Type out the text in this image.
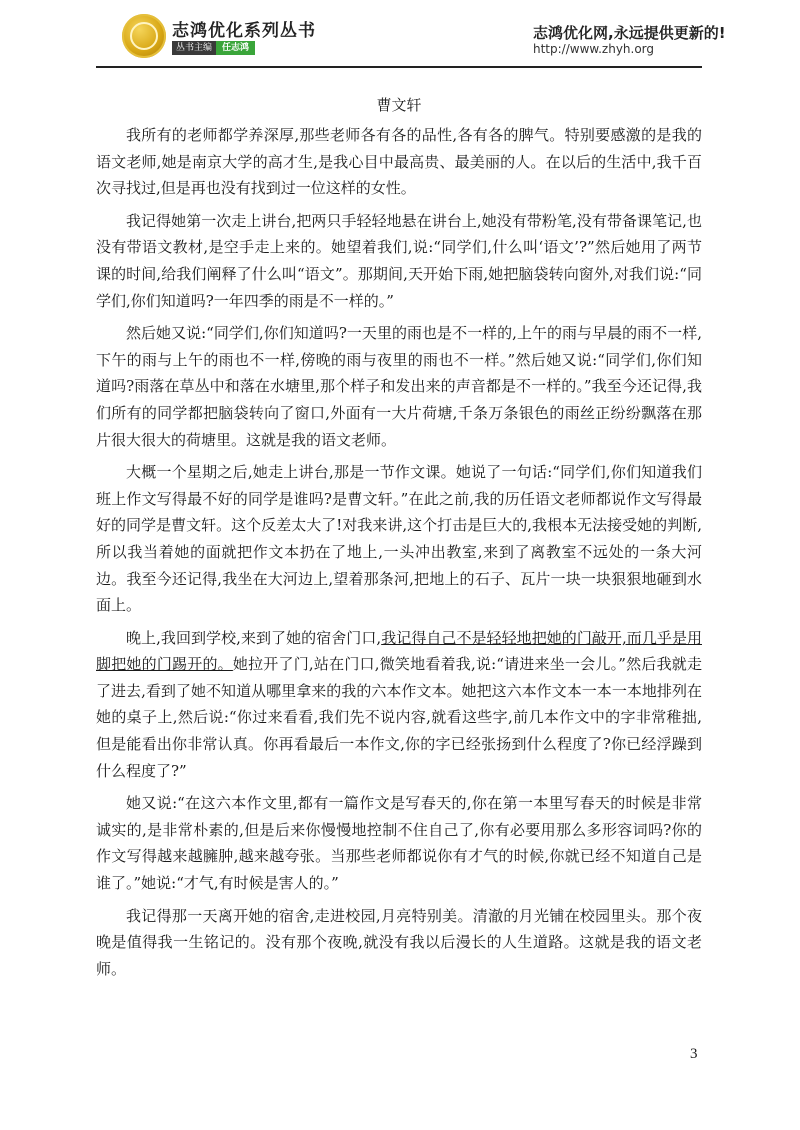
志鸿优化系列丛书
丛书主编	任志鸿
志鸿优化网,永远提供更新的!
http://www.zhyh.org
曹文轩

我所有的老师都学养深厚,那些老师各有各的品性,各有各的脾气。特别要感激的是我的语文老师,她是南京大学的高才生,是我心目中最高贵、最美丽的人。在以后的生活中,我千百次寻找过,但是再也没有找到过一位这样的女性。

我记得她第一次走上讲台,把两只手轻轻地悬在讲台上,她没有带粉笔,没有带备课笔记,也没有带语文教材,是空手走上来的。她望着我们,说:“同学们,什么叫‘语文’?”然后她用了两节课的时间,给我们阐释了什么叫“语文”。那期间,天开始下雨,她把脑袋转向窗外,对我们说:“同学们,你们知道吗?一年四季的雨是不一样的。”

然后她又说:“同学们,你们知道吗?一天里的雨也是不一样的,上午的雨与早晨的雨不一样,下午的雨与上午的雨也不一样,傍晚的雨与夜里的雨也不一样。”然后她又说:“同学们,你们知道吗?雨落在草丛中和落在水塘里,那个样子和发出来的声音都是不一样的。”我至今还记得,我们所有的同学都把脑袋转向了窗口,外面有一大片荷塘,千条万条银色的雨丝正纷纷飘落在那片很大很大的荷塘里。这就是我的语文老师。

大概一个星期之后,她走上讲台,那是一节作文课。她说了一句话:“同学们,你们知道我们班上作文写得最不好的同学是谁吗?是曹文轩。”在此之前,我的历任语文老师都说作文写得最好的同学是曹文轩。这个反差太大了!对我来讲,这个打击是巨大的,我根本无法接受她的判断,所以我当着她的面就把作文本扔在了地上,一头冲出教室,来到了离教室不远处的一条大河边。我至今还记得,我坐在大河边上,望着那条河,把地上的石子、瓦片一块一块狠狠地砸到水面上。

晚上,我回到学校,来到了她的宿舍门口,我记得自己不是轻轻地把她的门敲开,而几乎是用脚把她的门踢开的。她拉开了门,站在门口,微笑地看着我,说:“请进来坐一会儿。”然后我就走了进去,看到了她不知道从哪里拿来的我的六本作文本。她把这六本作文本一本一本地排列在她的桌子上,然后说:“你过来看看,我们先不说内容,就看这些字,前几本作文中的字非常稚拙,但是能看出你非常认真。你再看最后一本作文,你的字已经张扬到什么程度了?你已经浮躁到什么程度了?”

她又说:“在这六本作文里,都有一篇作文是写春天的,你在第一本里写春天的时候是非常诚实的,是非常朴素的,但是后来你慢慢地控制不住自己了,你有必要用那么多形容词吗?你的作文写得越来越臃肿,越来越夸张。当那些老师都说你有才气的时候,你就已经不知道自己是谁了。”她说:“才气,有时候是害人的。”

我记得那一天离开她的宿舍,走进校园,月亮特别美。清澈的月光铺在校园里头。那个夜晚是值得我一生铭记的。没有那个夜晚,就没有我以后漫长的人生道路。这就是我的语文老师。

3
